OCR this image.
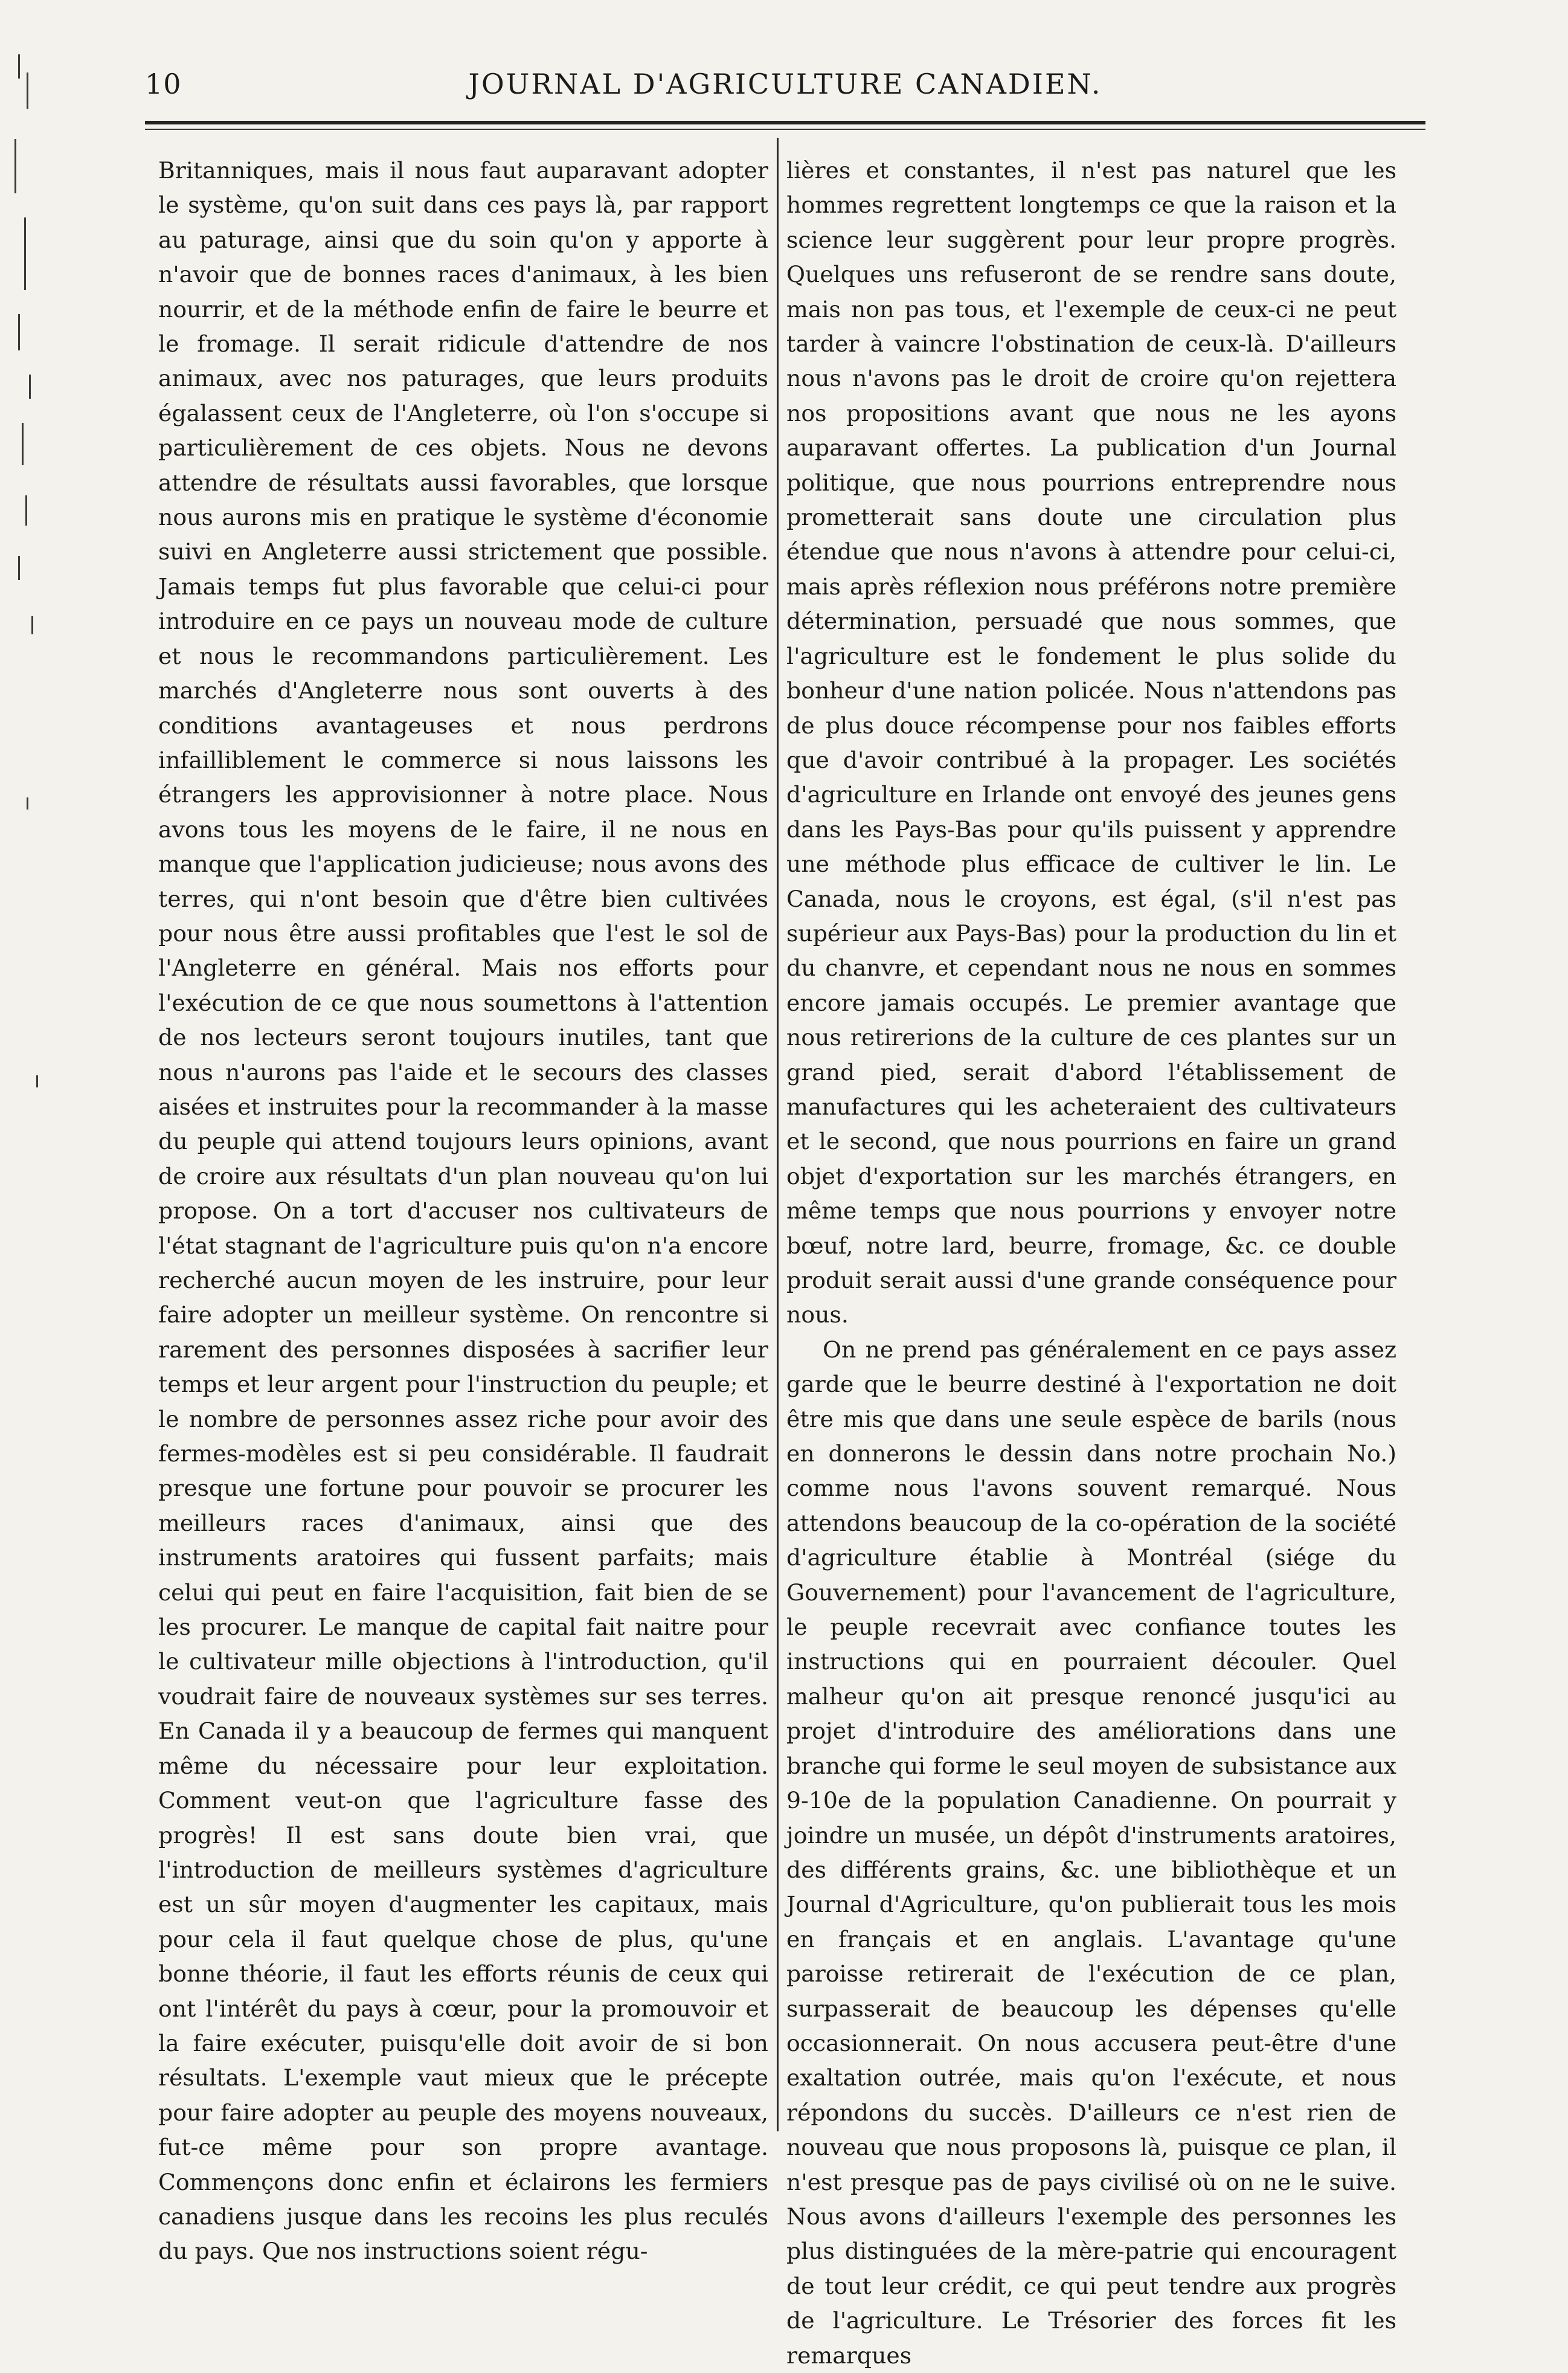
10	JOURNAL D'AGRICULTURE CANADIEN.

Britanniques, mais il nous faut auparavant adopter le système, qu'on suit dans ces pays là, par rapport au paturage, ainsi que du soin qu'on y apporte à n'avoir que de bonnes races d'animaux, à les bien nourrir, et de la méthode enfin de faire le beurre et le fromage. Il serait ridicule d'attendre de nos animaux, avec nos paturages, que leurs produits égalassent ceux de l'Angleterre, où l'on s'occupe si particulièrement de ces objets. Nous ne devons attendre de résultats aussi favorables, que lorsque nous aurons mis en pratique le système d'économie suivi en Angleterre aussi strictement que possible. Jamais temps fut plus favorable que celui-ci pour introduire en ce pays un nouveau mode de culture et nous le recommandons particulièrement. Les marchés d'Angleterre nous sont ouverts à des conditions avantageuses et nous perdrons infailliblement le commerce si nous laissons les étrangers les approvisionner à notre place. Nous avons tous les moyens de le faire, il ne nous en manque que l'application judicieuse; nous avons des terres, qui n'ont besoin que d'être bien cultivées pour nous être aussi profitables que l'est le sol de l'Angleterre en général. Mais nos efforts pour l'exécution de ce que nous soumettons à l'attention de nos lecteurs seront toujours inutiles, tant que nous n'aurons pas l'aide et le secours des classes aisées et instruites pour la recommander à la masse du peuple qui attend toujours leurs opinions, avant de croire aux résultats d'un plan nouveau qu'on lui propose. On a tort d'accuser nos cultivateurs de l'état stagnant de l'agriculture puis qu'on n'a encore recherché aucun moyen de les instruire, pour leur faire adopter un meilleur système. On rencontre si rarement des personnes disposées à sacrifier leur temps et leur argent pour l'instruction du peuple; et le nombre de personnes assez riche pour avoir des fermes-modèles est si peu considérable. Il faudrait presque une fortune pour pouvoir se procurer les meilleurs races d'animaux, ainsi que des instruments aratoires qui fussent parfaits; mais celui qui peut en faire l'acquisition, fait bien de se les procurer. Le manque de capital fait naitre pour le cultivateur mille objections à l'introduction, qu'il voudrait faire de nouveaux systèmes sur ses terres. En Canada il y a beaucoup de fermes qui manquent même du nécessaire pour leur exploitation. Comment veut-on que l'agriculture fasse des progrès! Il est sans doute bien vrai, que l'introduction de meilleurs systèmes d'agriculture est un sûr moyen d'augmenter les capitaux, mais pour cela il faut quelque chose de plus, qu'une bonne théorie, il faut les efforts réunis de ceux qui ont l'intérêt du pays à cœur, pour la promouvoir et la faire exécuter, puisqu'elle doit avoir de si bon résultats. L'exemple vaut mieux que le précepte pour faire adopter au peuple des moyens nouveaux, fut-ce même pour son propre avantage. Commençons donc enfin et éclairons les fermiers canadiens jusque dans les recoins les plus reculés du pays. Que nos instructions soient régu-

lières et constantes, il n'est pas naturel que les hommes regrettent longtemps ce que la raison et la science leur suggèrent pour leur propre progrès. Quelques uns refuseront de se rendre sans doute, mais non pas tous, et l'exemple de ceux-ci ne peut tarder à vaincre l'obstination de ceux-là. D'ailleurs nous n'avons pas le droit de croire qu'on rejettera nos propositions avant que nous ne les ayons auparavant offertes. La publication d'un Journal politique, que nous pourrions entreprendre nous prometterait sans doute une circulation plus étendue que nous n'avons à attendre pour celui-ci, mais après réflexion nous préférons notre première détermination, persuadé que nous sommes, que l'agriculture est le fondement le plus solide du bonheur d'une nation policée. Nous n'attendons pas de plus douce récompense pour nos faibles efforts que d'avoir contribué à la propager. Les sociétés d'agriculture en Irlande ont envoyé des jeunes gens dans les Pays-Bas pour qu'ils puissent y apprendre une méthode plus efficace de cultiver le lin. Le Canada, nous le croyons, est égal, (s'il n'est pas supérieur aux Pays-Bas) pour la production du lin et du chanvre, et cependant nous ne nous en sommes encore jamais occupés. Le premier avantage que nous retirerions de la culture de ces plantes sur un grand pied, serait d'abord l'établissement de manufactures qui les acheteraient des cultivateurs et le second, que nous pourrions en faire un grand objet d'exportation sur les marchés étrangers, en même temps que nous pourrions y envoyer notre bœuf, notre lard, beurre, fromage, &c. ce double produit serait aussi d'une grande conséquence pour nous.

On ne prend pas généralement en ce pays assez garde que le beurre destiné à l'exportation ne doit être mis que dans une seule espèce de barils (nous en donnerons le dessin dans notre prochain No.) comme nous l'avons souvent remarqué. Nous attendons beaucoup de la co-opération de la société d'agriculture établie à Montréal (siége du Gouvernement) pour l'avancement de l'agriculture, le peuple recevrait avec confiance toutes les instructions qui en pourraient découler. Quel malheur qu'on ait presque renoncé jusqu'ici au projet d'introduire des améliorations dans une branche qui forme le seul moyen de subsistance aux 9-10e de la population Canadienne. On pourrait y joindre un musée, un dépôt d'instruments aratoires, des différents grains, &c. une bibliothèque et un Journal d'Agriculture, qu'on publierait tous les mois en français et en anglais. L'avantage qu'une paroisse retirerait de l'exécution de ce plan, surpasserait de beaucoup les dépenses qu'elle occasionnerait. On nous accusera peut-être d'une exaltation outrée, mais qu'on l'exécute, et nous répondons du succès. D'ailleurs ce n'est rien de nouveau que nous proposons là, puisque ce plan, il n'est presque pas de pays civilisé où on ne le suive. Nous avons d'ailleurs l'exemple des personnes les plus distinguées de la mère-patrie qui encouragent de tout leur crédit, ce qui peut tendre aux progrès de l'agriculture. Le Trésorier des forces fit les remarques
